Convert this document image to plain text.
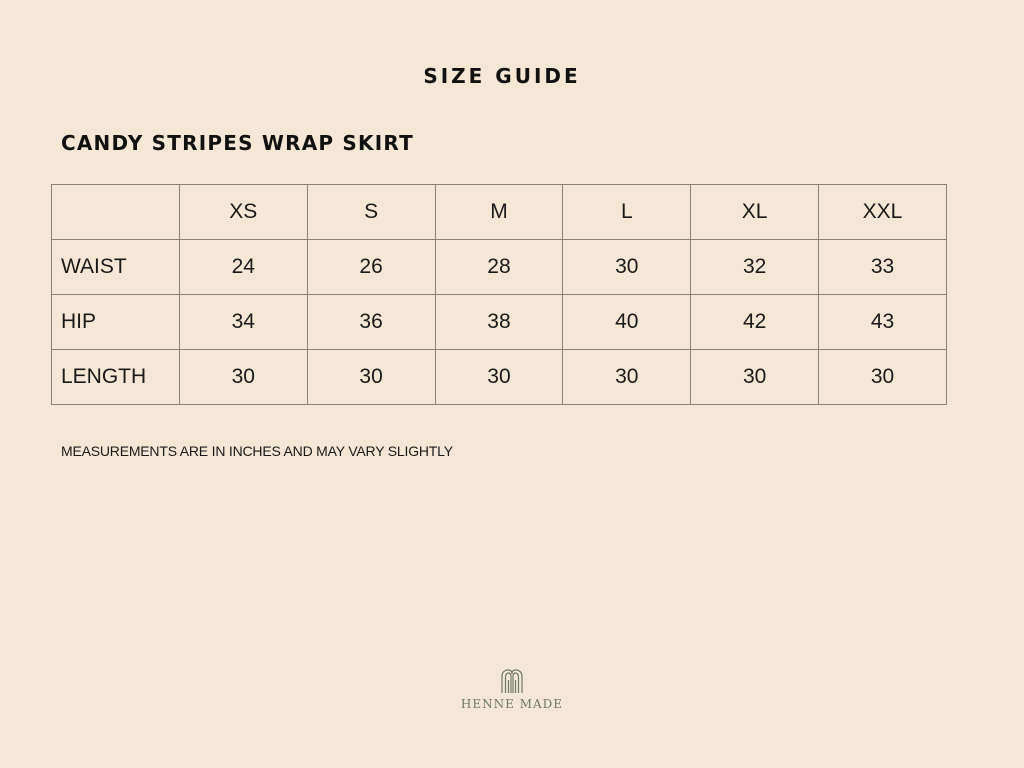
SIZE GUIDE
CANDY STRIPES WRAP SKIRT
	XS	S	M	L	XL	XXL
WAIST	24	26	28	30	32	33
HIP	34	36	38	40	42	43
LENGTH	30	30	30	30	30	30
MEASUREMENTS ARE IN INCHES AND MAY VARY SLIGHTLY
HENNE MADE
